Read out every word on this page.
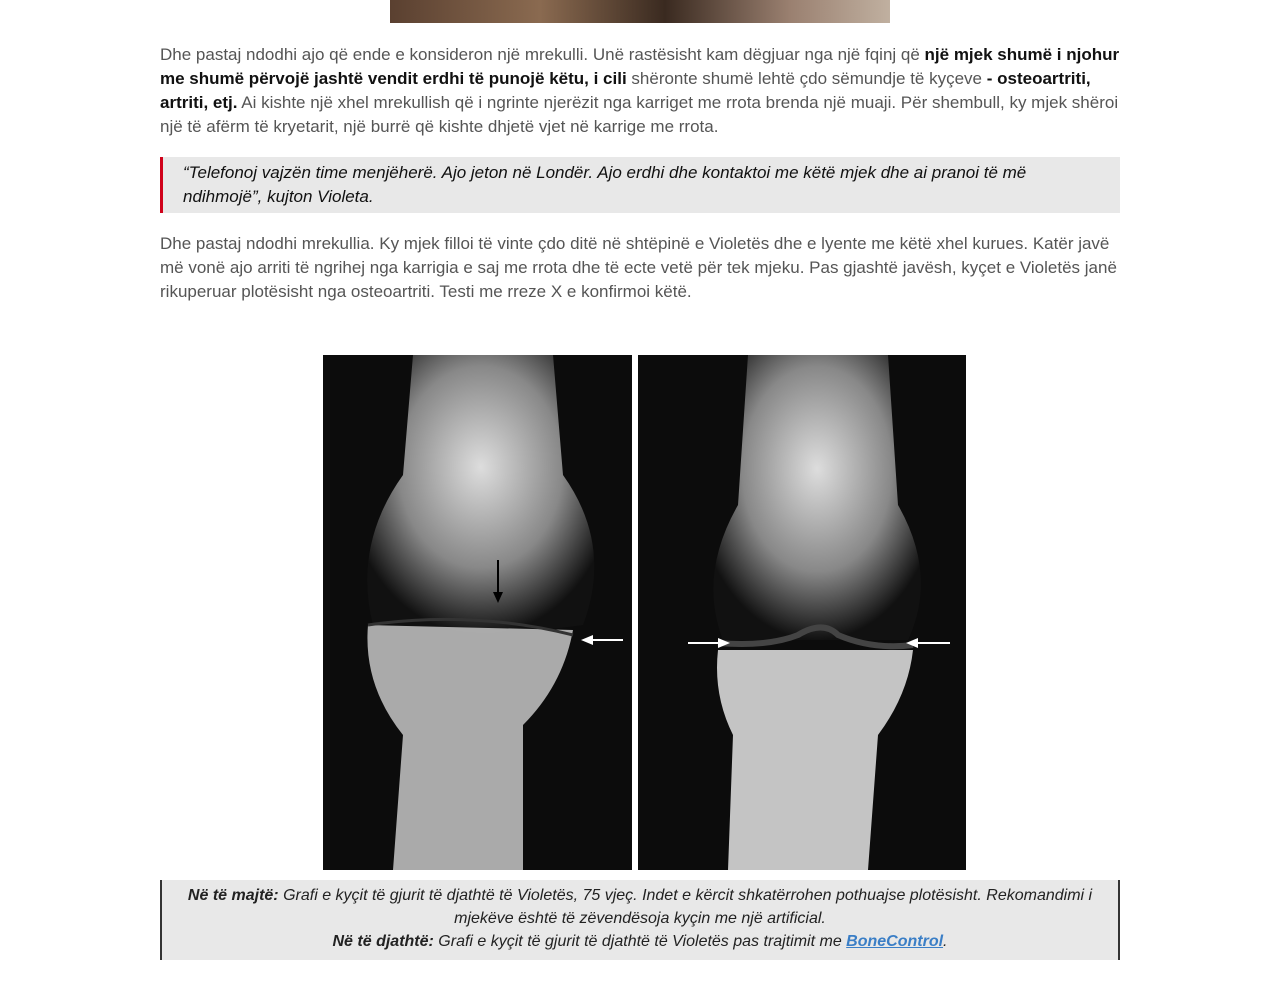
Dhe pastaj ndodhi ajo që ende e konsideron një mrekulli. Unë rastësisht kam dëgjuar nga një fqinj që një mjek shumë i njohur me shumë përvojë jashtë vendit erdhi të punojë këtu, i cili shëronte shumë lehtë çdo sëmundje të kyçeve - osteoartriti, artriti, etj. Ai kishte një xhel mrekullish që i ngrinte njerëzit nga karriget me rrota brenda një muaji. Për shembull, ky mjek shëroi një të afërm të kryetarit, një burrë që kishte dhjetë vjet në karrige me rrota.

“Telefonoj vajzën time menjëherë. Ajo jeton në Londër. Ajo erdhi dhe kontaktoi me këtë mjek dhe ai pranoi të më ndihmojë”, kujton Violeta.

Dhe pastaj ndodhi mrekullia. Ky mjek filloi të vinte çdo ditë në shtëpinë e Violetës dhe e lyente me këtë xhel kurues. Katër javë më vonë ajo arriti të ngrihej nga karrigia e saj me rrota dhe të ecte vetë për tek mjeku. Pas gjashtë javësh, kyçet e Violetës janë rikuperuar plotësisht nga osteoartriti. Testi me rreze X e konfirmoi këtë.

Në të majtë: Grafi e kyçit të gjurit të djathtë të Violetës, 75 vjeç. Indet e kërcit shkatërrohen pothuajse plotësisht. Rekomandimi i mjekëve është të zëvendësoja kyçin me një artificial.
Në të djathtë: Grafi e kyçit të gjurit të djathtë të Violetës pas trajtimit me BoneControl.
